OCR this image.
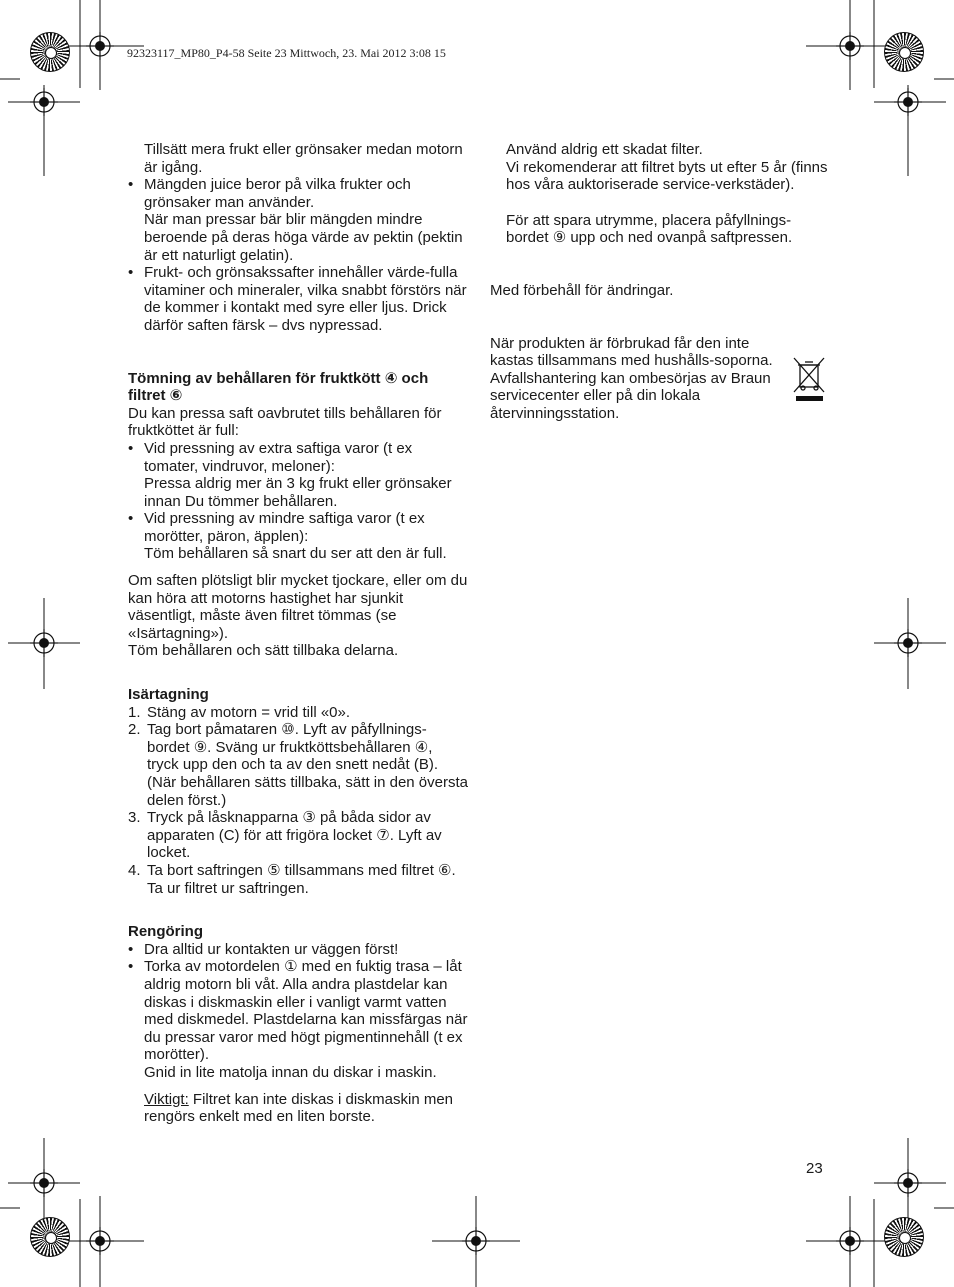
92323117_MP80_P4-58 Seite 23 Mittwoch, 23. Mai 2012 3:08 15

Tillsätt mera frukt eller grönsaker medan motorn är igång.

• Mängden juice beror på vilka frukter och grönsaker man använder.

När man pressar bär blir mängden mindre beroende på deras höga värde av pektin (pektin är ett naturligt gelatin).

• Frukt- och grönsakssafter innehåller värde-fulla vitaminer och mineraler, vilka snabbt förstörs när de kommer i kontakt med syre eller ljus. Drick därför saften färsk – dvs nypressad.

Tömning av behållaren för fruktkött ④ och filtret ⑥

Du kan pressa saft oavbrutet tills behållaren för fruktköttet är full:

• Vid pressning av extra saftiga varor (t ex tomater, vindruvor, meloner):

Pressa aldrig mer än 3 kg frukt eller grönsaker innan Du tömmer behållaren.

• Vid pressning av mindre saftiga varor (t ex morötter, päron, äpplen):

Töm behållaren så snart du ser att den är full.

Om saften plötsligt blir mycket tjockare, eller om du kan höra att motorns hastighet har sjunkit väsentligt, måste även filtret tömmas (se «Isärtagning»).

Töm behållaren och sätt tillbaka delarna.

Isärtagning

1. Stäng av motorn = vrid till «0».
2. Tag bort påmataren ⑩. Lyft av påfyllnings-bordet ⑨. Sväng ur fruktköttsbehållaren ④, tryck upp den och ta av den snett nedåt (B). (När behållaren sätts tillbaka, sätt in den översta delen först.)
3. Tryck på låsknapparna ③ på båda sidor av apparaten (C) för att frigöra locket ⑦. Lyft av locket.
4. Ta bort saftringen ⑤ tillsammans med filtret ⑥. Ta ur filtret ur saftringen.

Rengöring

• Dra alltid ur kontakten ur väggen först!
• Torka av motordelen ① med en fuktig trasa – låt aldrig motorn bli våt. Alla andra plastdelar kan diskas i diskmaskin eller i vanligt varmt vatten med diskmedel. Plastdelarna kan missfärgas när du pressar varor med högt pigmentinnehåll (t ex morötter).

Gnid in lite matolja innan du diskar i maskin.

Viktigt: Filtret kan inte diskas i diskmaskin men rengörs enkelt med en liten borste.

Använd aldrig ett skadat filter.

Vi rekomenderar att filtret byts ut efter 5 år (finns hos våra auktoriserade service-verkstäder).

För att spara utrymme, placera påfyllnings-bordet ⑨ upp och ned ovanpå saftpressen.

Med förbehåll för ändringar.

När produkten är förbrukad får den inte kastas tillsammans med hushålls-soporna. Avfallshantering kan ombesörjas av Braun servicecenter eller på din lokala återvinningsstation.

23
